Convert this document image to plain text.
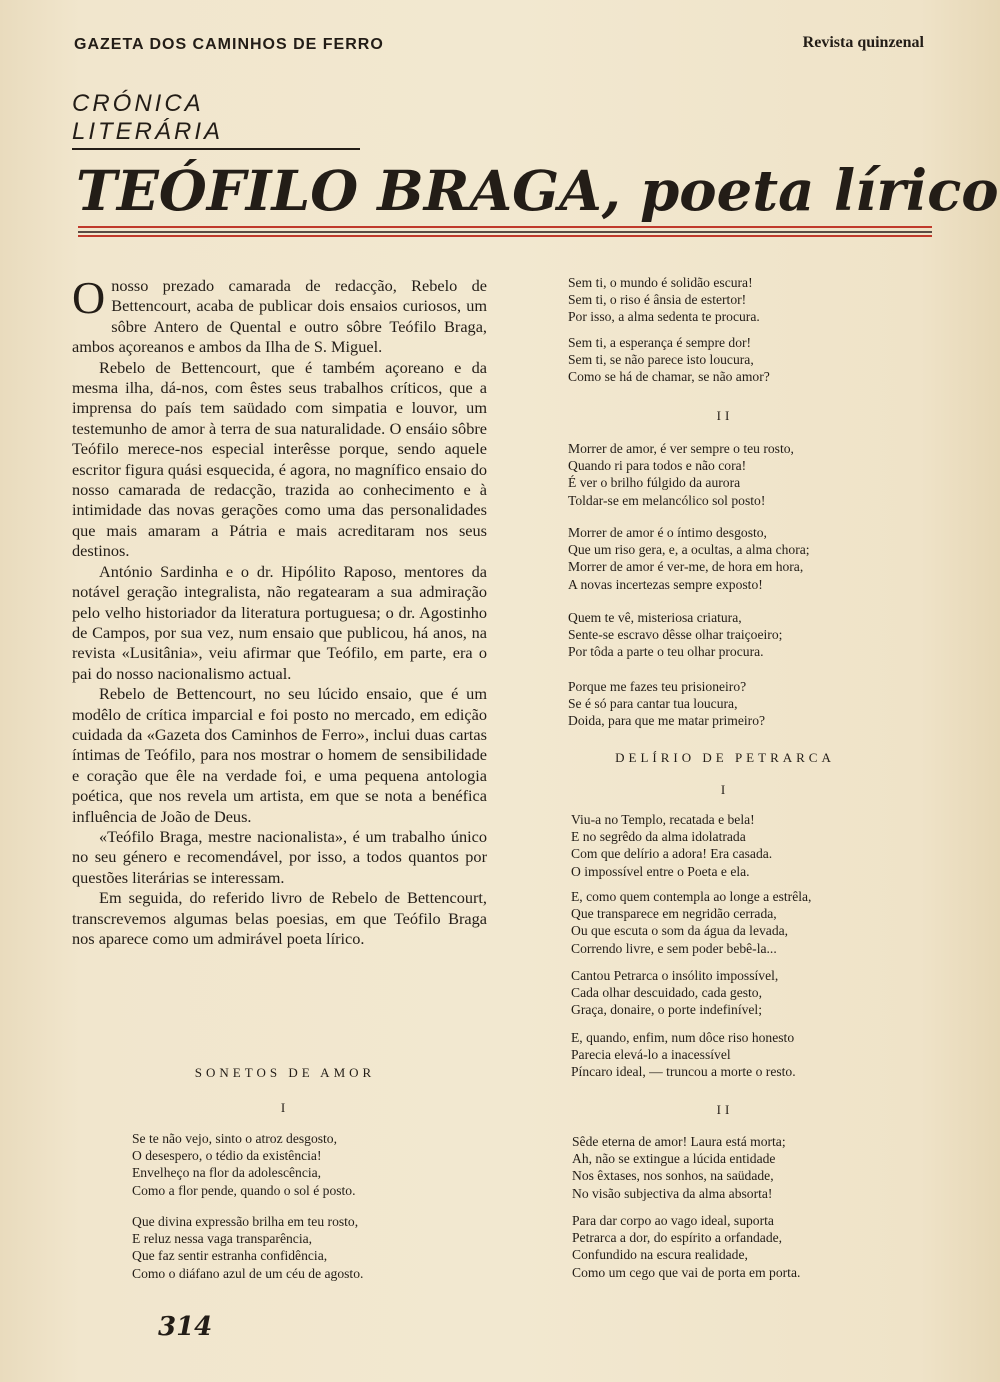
GAZETA DOS CAMINHOS DE FERRO	Revista quinzenal
CRÓNICA LITERÁRIA
TEÓFILO BRAGA, poeta lírico

Onosso prezado camarada de redacção, Rebelo de Bettencourt, acaba de publicar dois ensaios curiosos, um sôbre Antero de Quental e outro sôbre Teófilo Braga, ambos açoreanos e ambos da Ilha de S. Miguel.

Rebelo de Bettencourt, que é também açoreano e da mesma ilha, dá-nos, com êstes seus trabalhos críticos, que a imprensa do país tem saüdado com simpatia e louvor, um testemunho de amor à terra de sua naturalidade. O ensáio sôbre Teófilo merece-nos especial interêsse porque, sendo aquele escritor figura quási esquecida, é agora, no magnífico ensaio do nosso camarada de redacção, trazida ao conhecimento e à intimidade das novas gerações como uma das personalidades que mais amaram a Pátria e mais acreditaram nos seus destinos.

António Sardinha e o dr. Hipólito Raposo, mentores da notável geração integralista, não regatearam a sua admiração pelo velho historiador da literatura portuguesa; o dr. Agostinho de Campos, por sua vez, num ensaio que publicou, há anos, na revista «Lusitânia», veiu afirmar que Teófilo, em parte, era o pai do nosso nacionalismo actual.

Rebelo de Bettencourt, no seu lúcido ensaio, que é um modêlo de crítica imparcial e foi posto no mercado, em edição cuidada da «Gazeta dos Caminhos de Ferro», inclui duas cartas íntimas de Teófilo, para nos mostrar o homem de sensibilidade e coração que êle na verdade foi, e uma pequena antologia poética, que nos revela um artista, em que se nota a benéfica influência de João de Deus.

«Teófilo Braga, mestre nacionalista», é um trabalho único no seu género e recomendável, por isso, a todos quantos por questões literárias se interessam.

Em seguida, do referido livro de Rebelo de Bettencourt, transcrevemos algumas belas poesias, em que Teófilo Braga nos aparece como um admirável poeta lírico.

SONETOS DE AMOR
I
Se te não vejo, sinto o atroz desgosto,
O desespero, o tédio da existência!
Envelheço na flor da adolescência,
Como a flor pende, quando o sol é posto.
Que divina expressão brilha em teu rosto,
E reluz nessa vaga transparência,
Que faz sentir estranha confidência,
Como o diáfano azul de um céu de agosto.
Sem ti, o mundo é solidão escura!
Sem ti, o riso é ânsia de estertor!
Por isso, a alma sedenta te procura.
Sem ti, a esperança é sempre dor!
Sem ti, se não parece isto loucura,
Como se há de chamar, se não amor?
II
Morrer de amor, é ver sempre o teu rosto,
Quando ri para todos e não cora!
É ver o brilho fúlgido da aurora
Toldar-se em melancólico sol posto!
Morrer de amor é o íntimo desgosto,
Que um riso gera, e, a ocultas, a alma chora;
Morrer de amor é ver-me, de hora em hora,
A novas incertezas sempre exposto!
Quem te vê, misteriosa criatura,
Sente-se escravo dêsse olhar traiçoeiro;
Por tôda a parte o teu olhar procura.
Porque me fazes teu prisioneiro?
Se é só para cantar tua loucura,
Doida, para que me matar primeiro?
DELÍRIO DE PETRARCA
I
Viu-a no Templo, recatada e bela!
E no segrêdo da alma idolatrada
Com que delírio a adora! Era casada.
O impossível entre o Poeta e ela.
E, como quem contempla ao longe a estrêla,
Que transparece em negridão cerrada,
Ou que escuta o som da água da levada,
Correndo livre, e sem poder bebê-la...
Cantou Petrarca o insólito impossível,
Cada olhar descuidado, cada gesto,
Graça, donaire, o porte indefinível;
E, quando, enfim, num dôce riso honesto
Parecia elevá-lo a inacessível
Píncaro ideal, — truncou a morte o resto.
II
Sêde eterna de amor! Laura está morta;
Ah, não se extingue a lúcida entidade
Nos êxtases, nos sonhos, na saüdade,
No visão subjectiva da alma absorta!
Para dar corpo ao vago ideal, suporta
Petrarca a dor, do espírito a orfandade,
Confundido na escura realidade,
Como um cego que vai de porta em porta.
314
